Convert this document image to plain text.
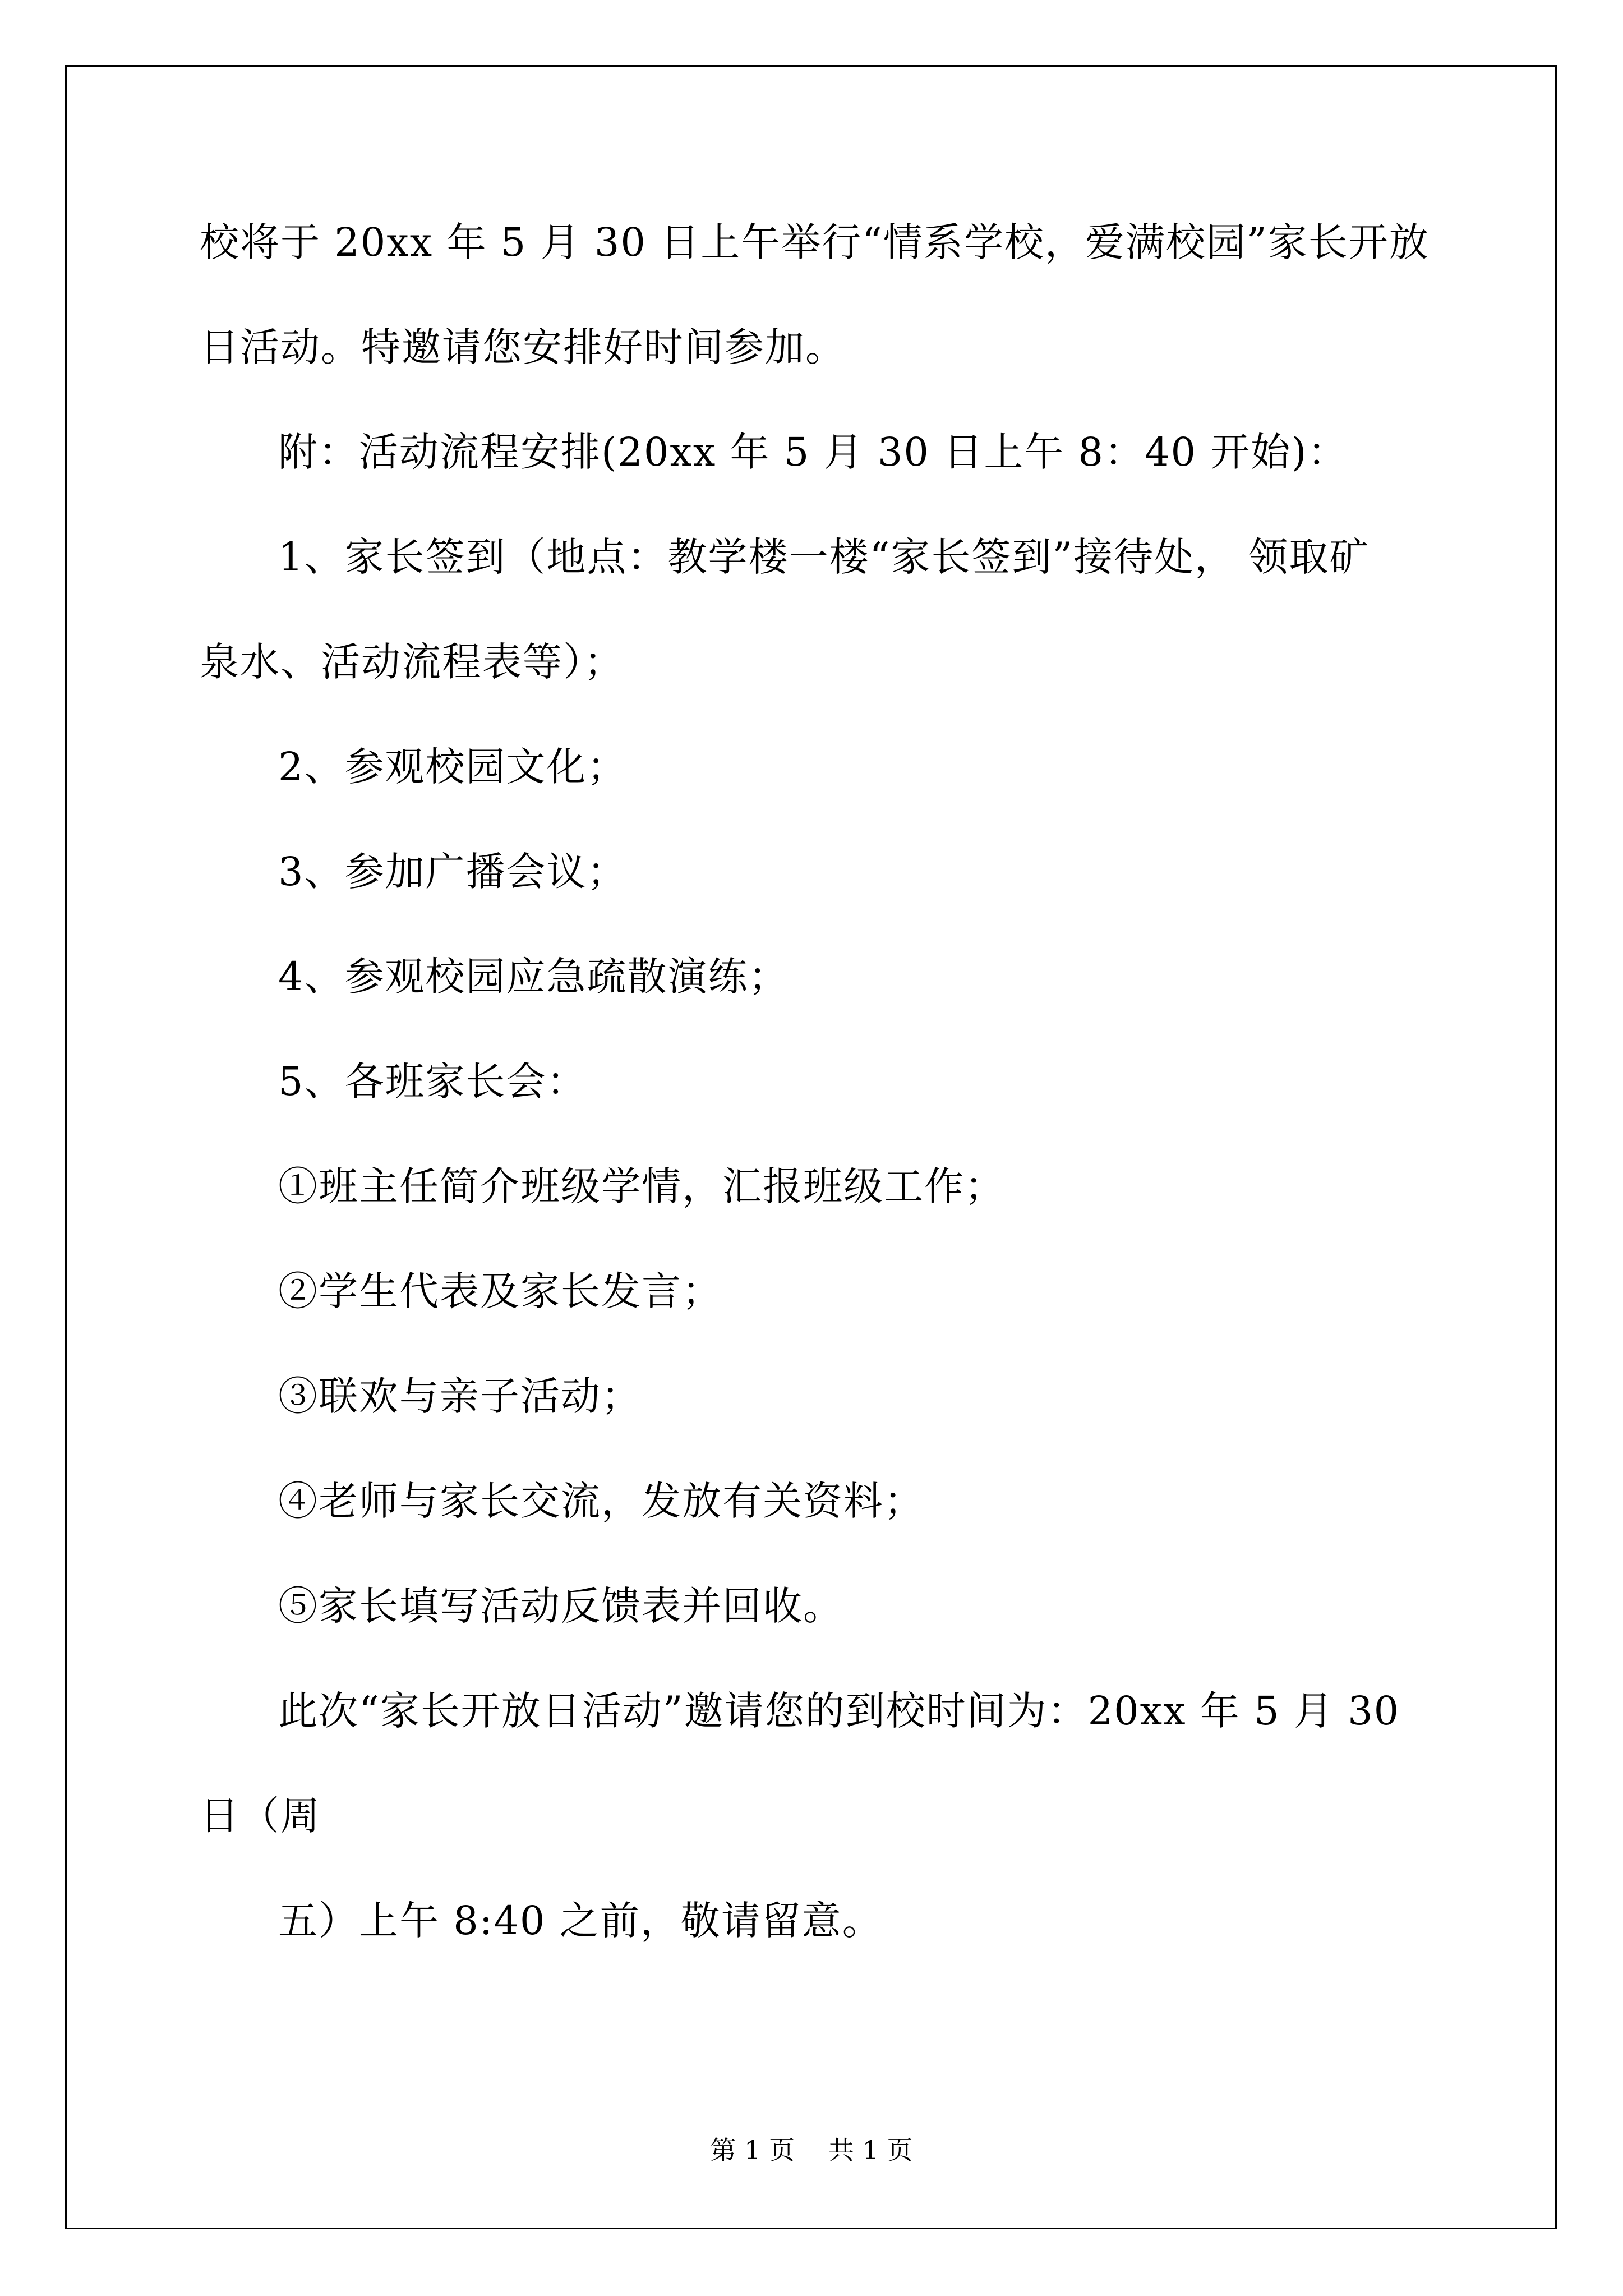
校将于 20xx 年 5 月 30 日上午举行“情系学校，爱满校园”家长开放
日活动。特邀请您安排好时间参加。
附：活动流程安排(20xx 年 5 月 30 日上午 8：40 开始)：
1、家长签到（地点：教学楼一楼“家长签到”接待处， 领取矿
泉水、活动流程表等）；
2、参观校园文化；
3、参加广播会议；
4、参观校园应急疏散演练；
5、各班家长会：
①班主任简介班级学情，汇报班级工作；
②学生代表及家长发言；
③联欢与亲子活动；
④老师与家长交流，发放有关资料；
⑤家长填写活动反馈表并回收。
此次“家长开放日活动”邀请您的到校时间为：20xx 年 5 月 30
日（周
五）上午 8:40 之前，敬请留意。
第 1 页 共 1 页
